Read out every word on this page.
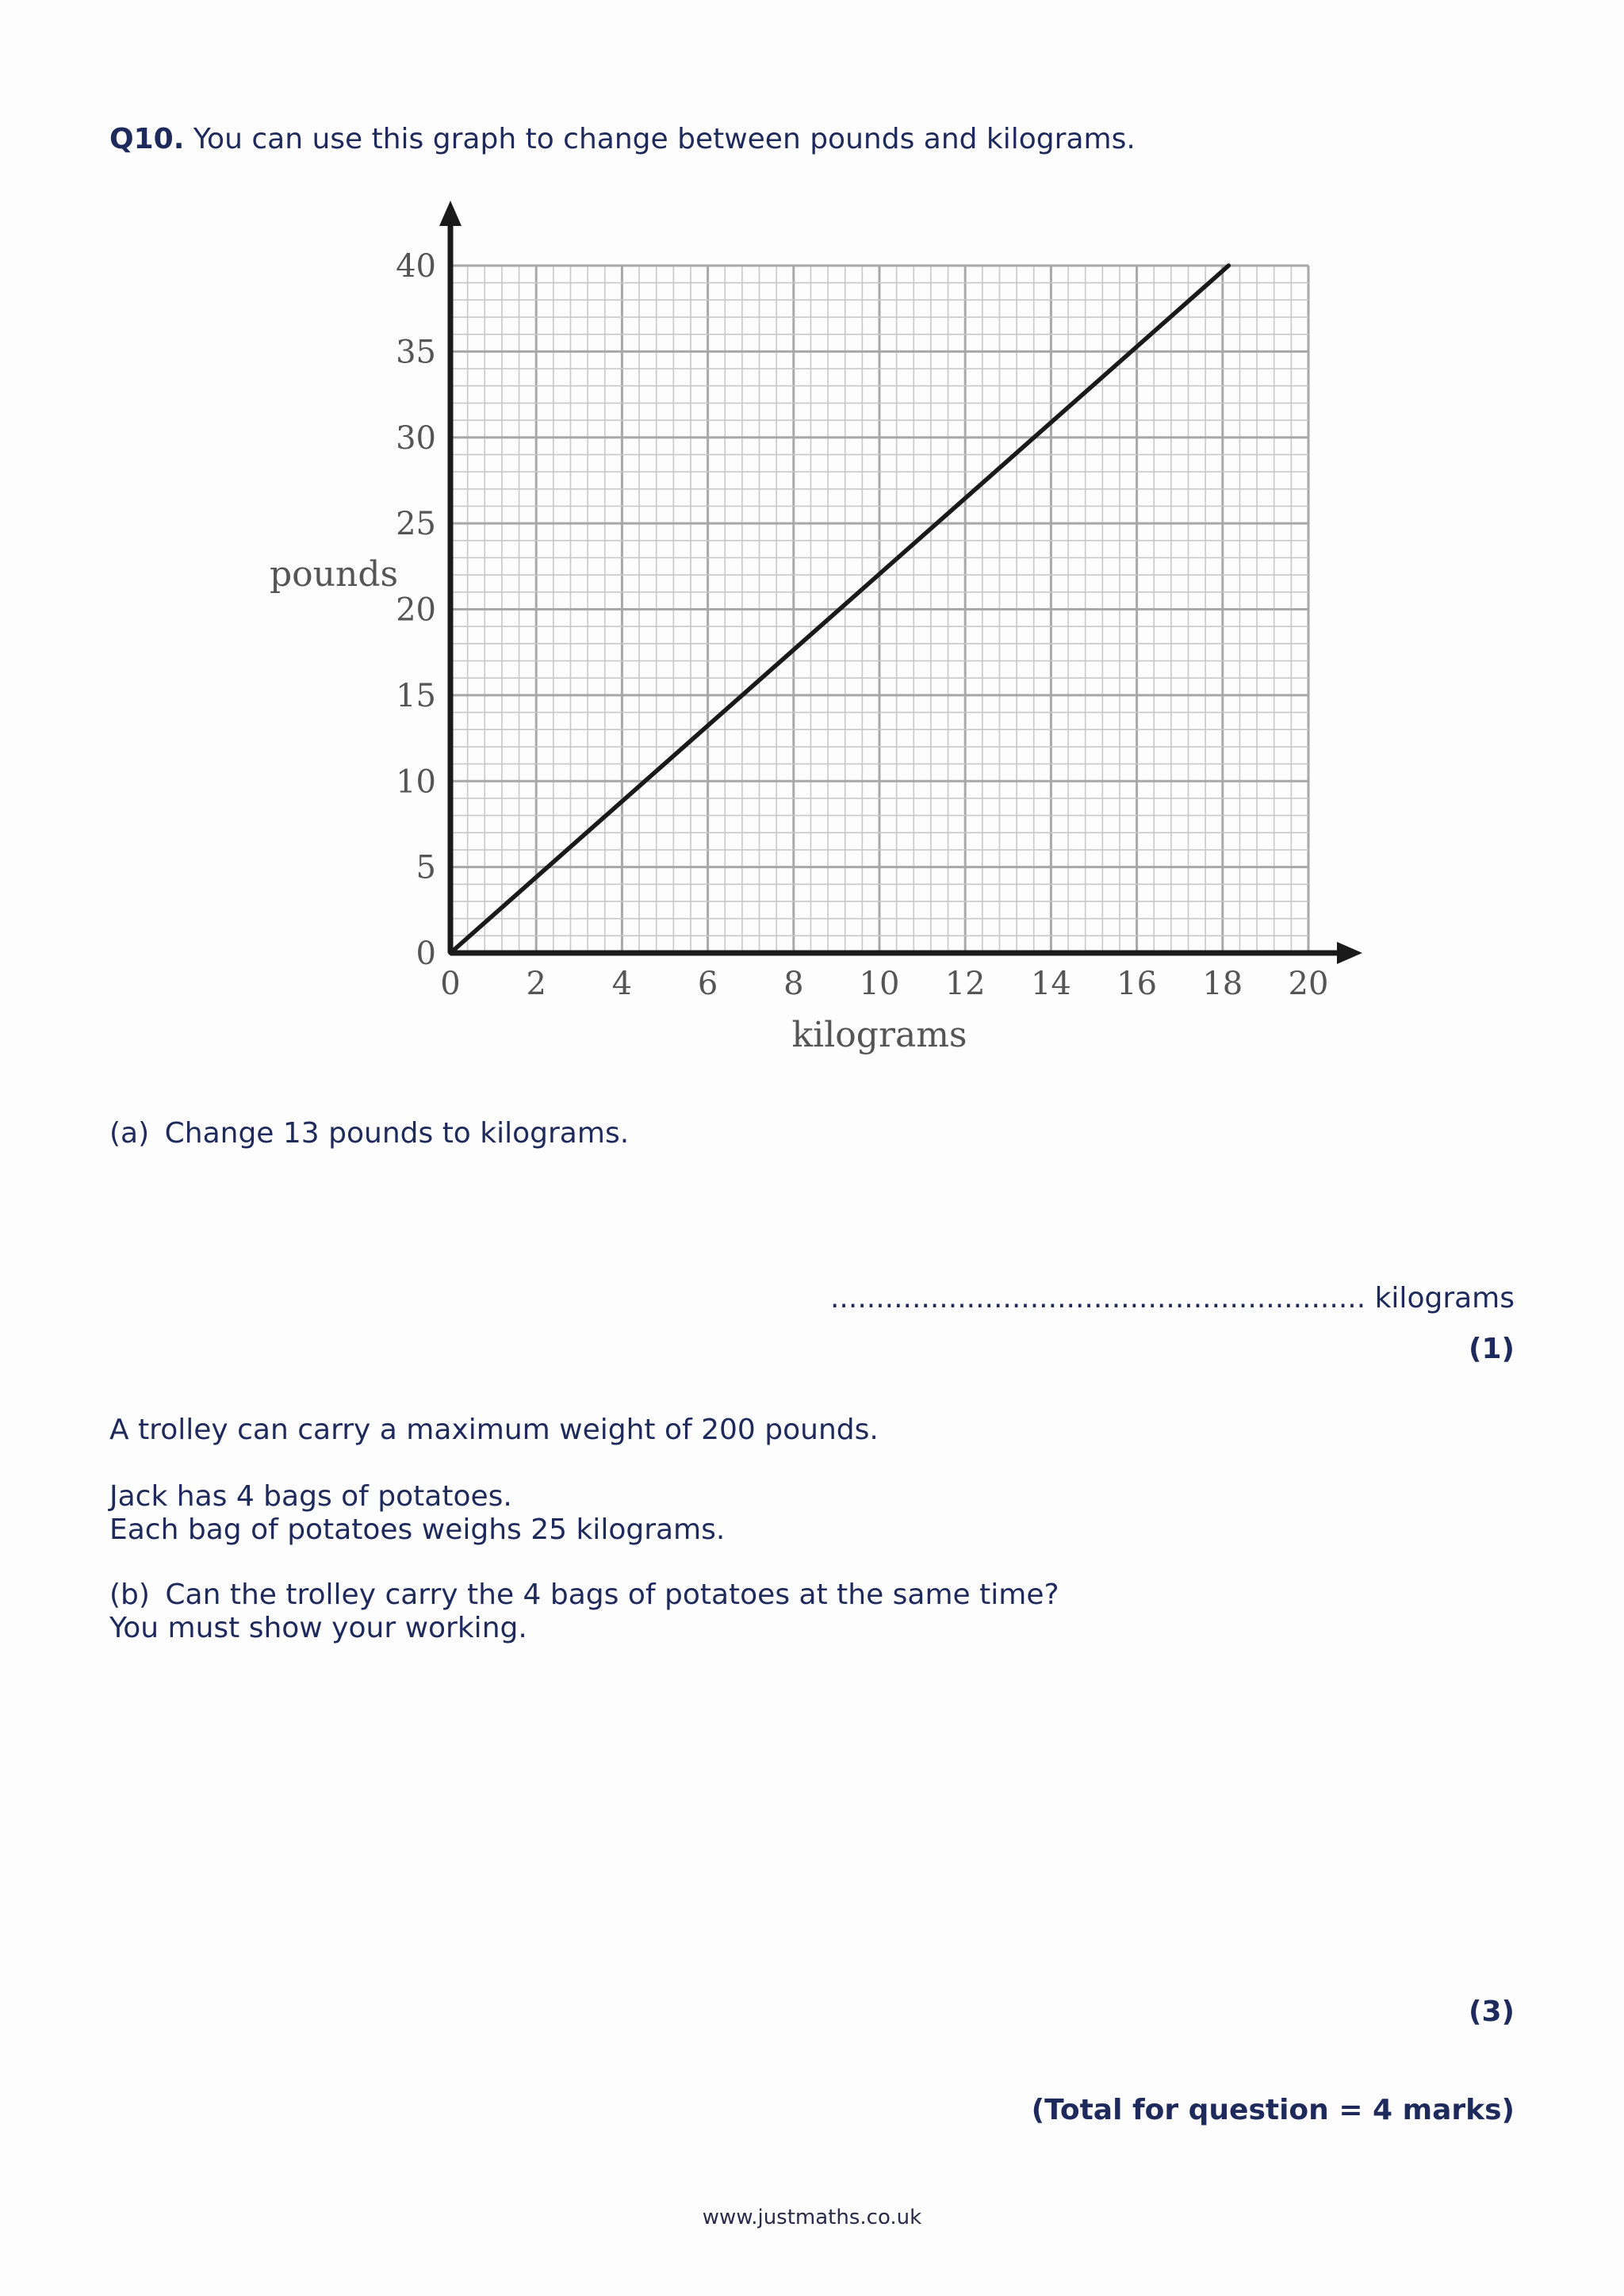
Q10. You can use this graph to change between pounds and kilograms.
0 2 4 6 8 10 12 14 16 18 20
0
5
10
15
20
25
30
35
40
kilograms
pounds
(a) Change 13 pounds to kilograms.
........................................................... kilograms
(1)
A trolley can carry a maximum weight of 200 pounds.
Jack has 4 bags of potatoes.
Each bag of potatoes weighs 25 kilograms.
(b) Can the trolley carry the 4 bags of potatoes at the same time?
You must show your working.
(3)
(Total for question = 4 marks)
www.justmaths.co.uk
